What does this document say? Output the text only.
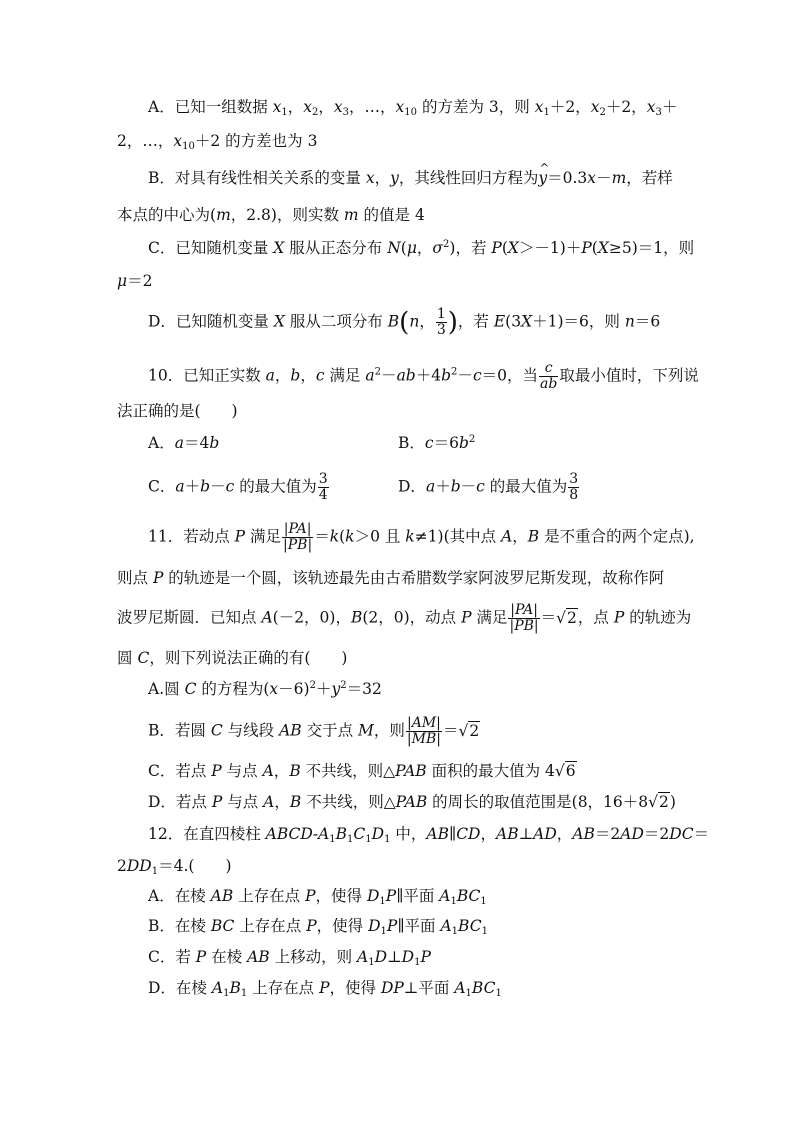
A．已知一组数据 $x_1$，$x_2$，$x_3$，…，$x_{10}$ 的方差为 3，则 $x_1+2$，$x_2+2$，$x_3+$
2，…，$x_{10}+2$ 的方差也为 3
B．对具有线性相关关系的变量 x，y，其线性回归方程为^ y＝0.3x－m，若样
本点的中心为(m，2.8)，则实数 m 的值是 4
C．已知随机变量 X 服从正态分布 N(μ，$\sigma^2$)，若 P(X＞－1)＋P(X≥5)＝1，则
μ＝2
D．已知随机变量 X 服从二项分布 B(n， $\frac{1}{3}$ )，若 E(3X＋1)＝6，则 n＝6
10．已知正实数 a，b，c 满足 $a^2-ab+4b^2-c=0$，当 $\frac{c}{ab}$ 取最小值时，下列说
法正确的是(　　)
A．a＝4b	B．$c=6b^2$
C．a＋b－c 的最大值为 $\frac{3}{4}$	D．a＋b－c 的最大值为 $\frac{3}{8}$
11．若动点 P 满足 $\frac{|PA|}{|PB|} =k(k>0$ 且 k≠1)(其中点 A，B 是不重合的两个定点),
则点 P 的轨迹是一个圆，该轨迹最先由古希腊数学家阿波罗尼斯发现，故称作阿
波罗尼斯圆．已知点 A(－2，0)，B(2，0)，动点 P 满足 $\frac{|PA|}{|PB|} =√2$，点 P 的轨迹为
圆 C，则下列说法正确的有(　　)
A.圆 C 的方程为$(x-6)^2+y^2=32$
B．若圆 C 与线段 AB 交于点 M，则 $\frac{|AM|}{|MB|} =√2$
C．若点 P 与点 A，B 不共线，则△PAB 面积的最大值为 4√6
D．若点 P 与点 A，B 不共线，则△PAB 的周长的取值范围是(8，16＋8√2)
12．在直四棱柱 ABCD-$A_1B_1C_1D_1$ 中，AB∥CD，AB⊥AD，AB＝2AD＝2DC＝
$2DD_1=4$.(　　)
A．在棱 AB 上存在点 P，使得 $D_1P\parallel$平面 $A_1BC_1$
B．在棱 BC 上存在点 P，使得 $D_1P\parallel$平面 $A_1BC_1$
C．若 P 在棱 AB 上移动，则 $A_1D\perp D_1P$
D．在棱 $A_1B_1$ 上存在点 P，使得 DP⊥平面 $A_1BC_1$
